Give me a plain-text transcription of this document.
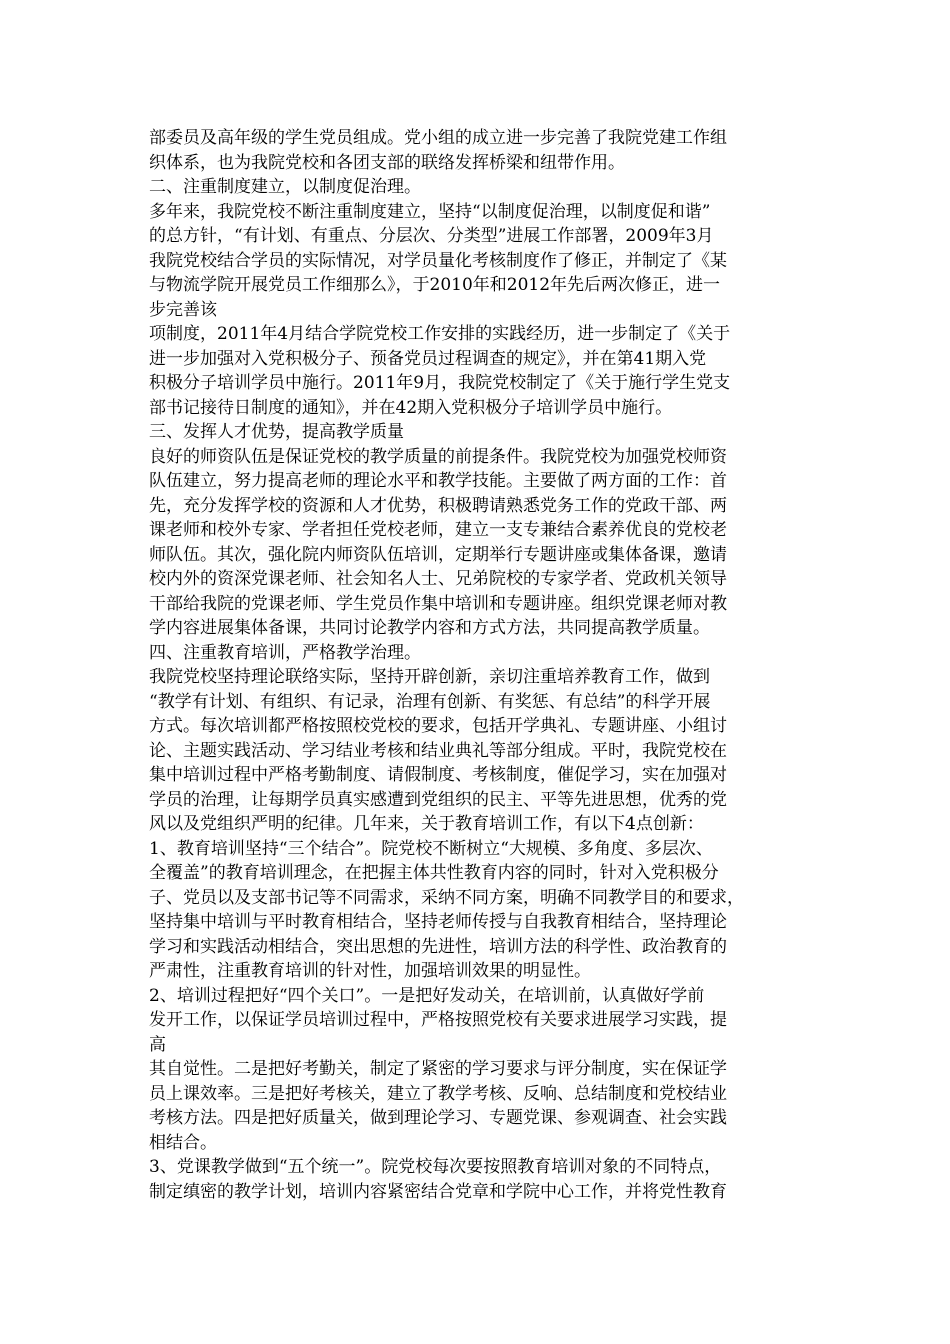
部委员及高年级的学生党员组成。党小组的成立进一步完善了我院党建工作组
织体系，也为我院党校和各团支部的联络发挥桥梁和纽带作用。
二、注重制度建立，以制度促治理。
多年来，我院党校不断注重制度建立，坚持“以制度促治理，以制度促和谐”
的总方针，“有计划、有重点、分层次、分类型”进展工作部署，2009年3月
我院党校结合学员的实际情况，对学员量化考核制度作了修正，并制定了《某
与物流学院开展党员工作细那么》，于2010年和2012年先后两次修正，进一
步完善该
项制度，2011年4月结合学院党校工作安排的实践经历，进一步制定了《关于
进一步加强对入党积极分子、预备党员过程调查的规定》，并在第41期入党
积极分子培训学员中施行。2011年9月，我院党校制定了《关于施行学生党支
部书记接待日制度的通知》，并在42期入党积极分子培训学员中施行。
三、发挥人才优势，提高教学质量
良好的师资队伍是保证党校的教学质量的前提条件。我院党校为加强党校师资
队伍建立，努力提高老师的理论水平和教学技能。主要做了两方面的工作：首
先，充分发挥学校的资源和人才优势，积极聘请熟悉党务工作的党政干部、两
课老师和校外专家、学者担任党校老师，建立一支专兼结合素养优良的党校老
师队伍。其次，强化院内师资队伍培训，定期举行专题讲座或集体备课，邀请
校内外的资深党课老师、社会知名人士、兄弟院校的专家学者、党政机关领导
干部给我院的党课老师、学生党员作集中培训和专题讲座。组织党课老师对教
学内容进展集体备课，共同讨论教学内容和方式方法，共同提高教学质量。
四、注重教育培训，严格教学治理。
我院党校坚持理论联络实际，坚持开辟创新，亲切注重培养教育工作，做到
“教学有计划、有组织、有记录，治理有创新、有奖惩、有总结”的科学开展
方式。每次培训都严格按照校党校的要求，包括开学典礼、专题讲座、小组讨
论、主题实践活动、学习结业考核和结业典礼等部分组成。平时，我院党校在
集中培训过程中严格考勤制度、请假制度、考核制度，催促学习，实在加强对
学员的治理，让每期学员真实感遭到党组织的民主、平等先进思想，优秀的党
风以及党组织严明的纪律。几年来，关于教育培训工作，有以下4点创新：
1、教育培训坚持“三个结合”。院党校不断树立“大规模、多角度、多层次、
全覆盖”的教育培训理念，在把握主体共性教育内容的同时，针对入党积极分
子、党员以及支部书记等不同需求，采纳不同方案，明确不同教学目的和要求，
坚持集中培训与平时教育相结合，坚持老师传授与自我教育相结合，坚持理论
学习和实践活动相结合，突出思想的先进性，培训方法的科学性、政治教育的
严肃性，注重教育培训的针对性，加强培训效果的明显性。
2、培训过程把好“四个关口”。一是把好发动关，在培训前，认真做好学前
发开工作，以保证学员培训过程中，严格按照党校有关要求进展学习实践，提
高
其自觉性。二是把好考勤关，制定了紧密的学习要求与评分制度，实在保证学
员上课效率。三是把好考核关，建立了教学考核、反响、总结制度和党校结业
考核方法。四是把好质量关，做到理论学习、专题党课、参观调查、社会实践
相结合。
3、党课教学做到“五个统一”。院党校每次要按照教育培训对象的不同特点，
制定缜密的教学计划，培训内容紧密结合党章和学院中心工作，并将党性教育
